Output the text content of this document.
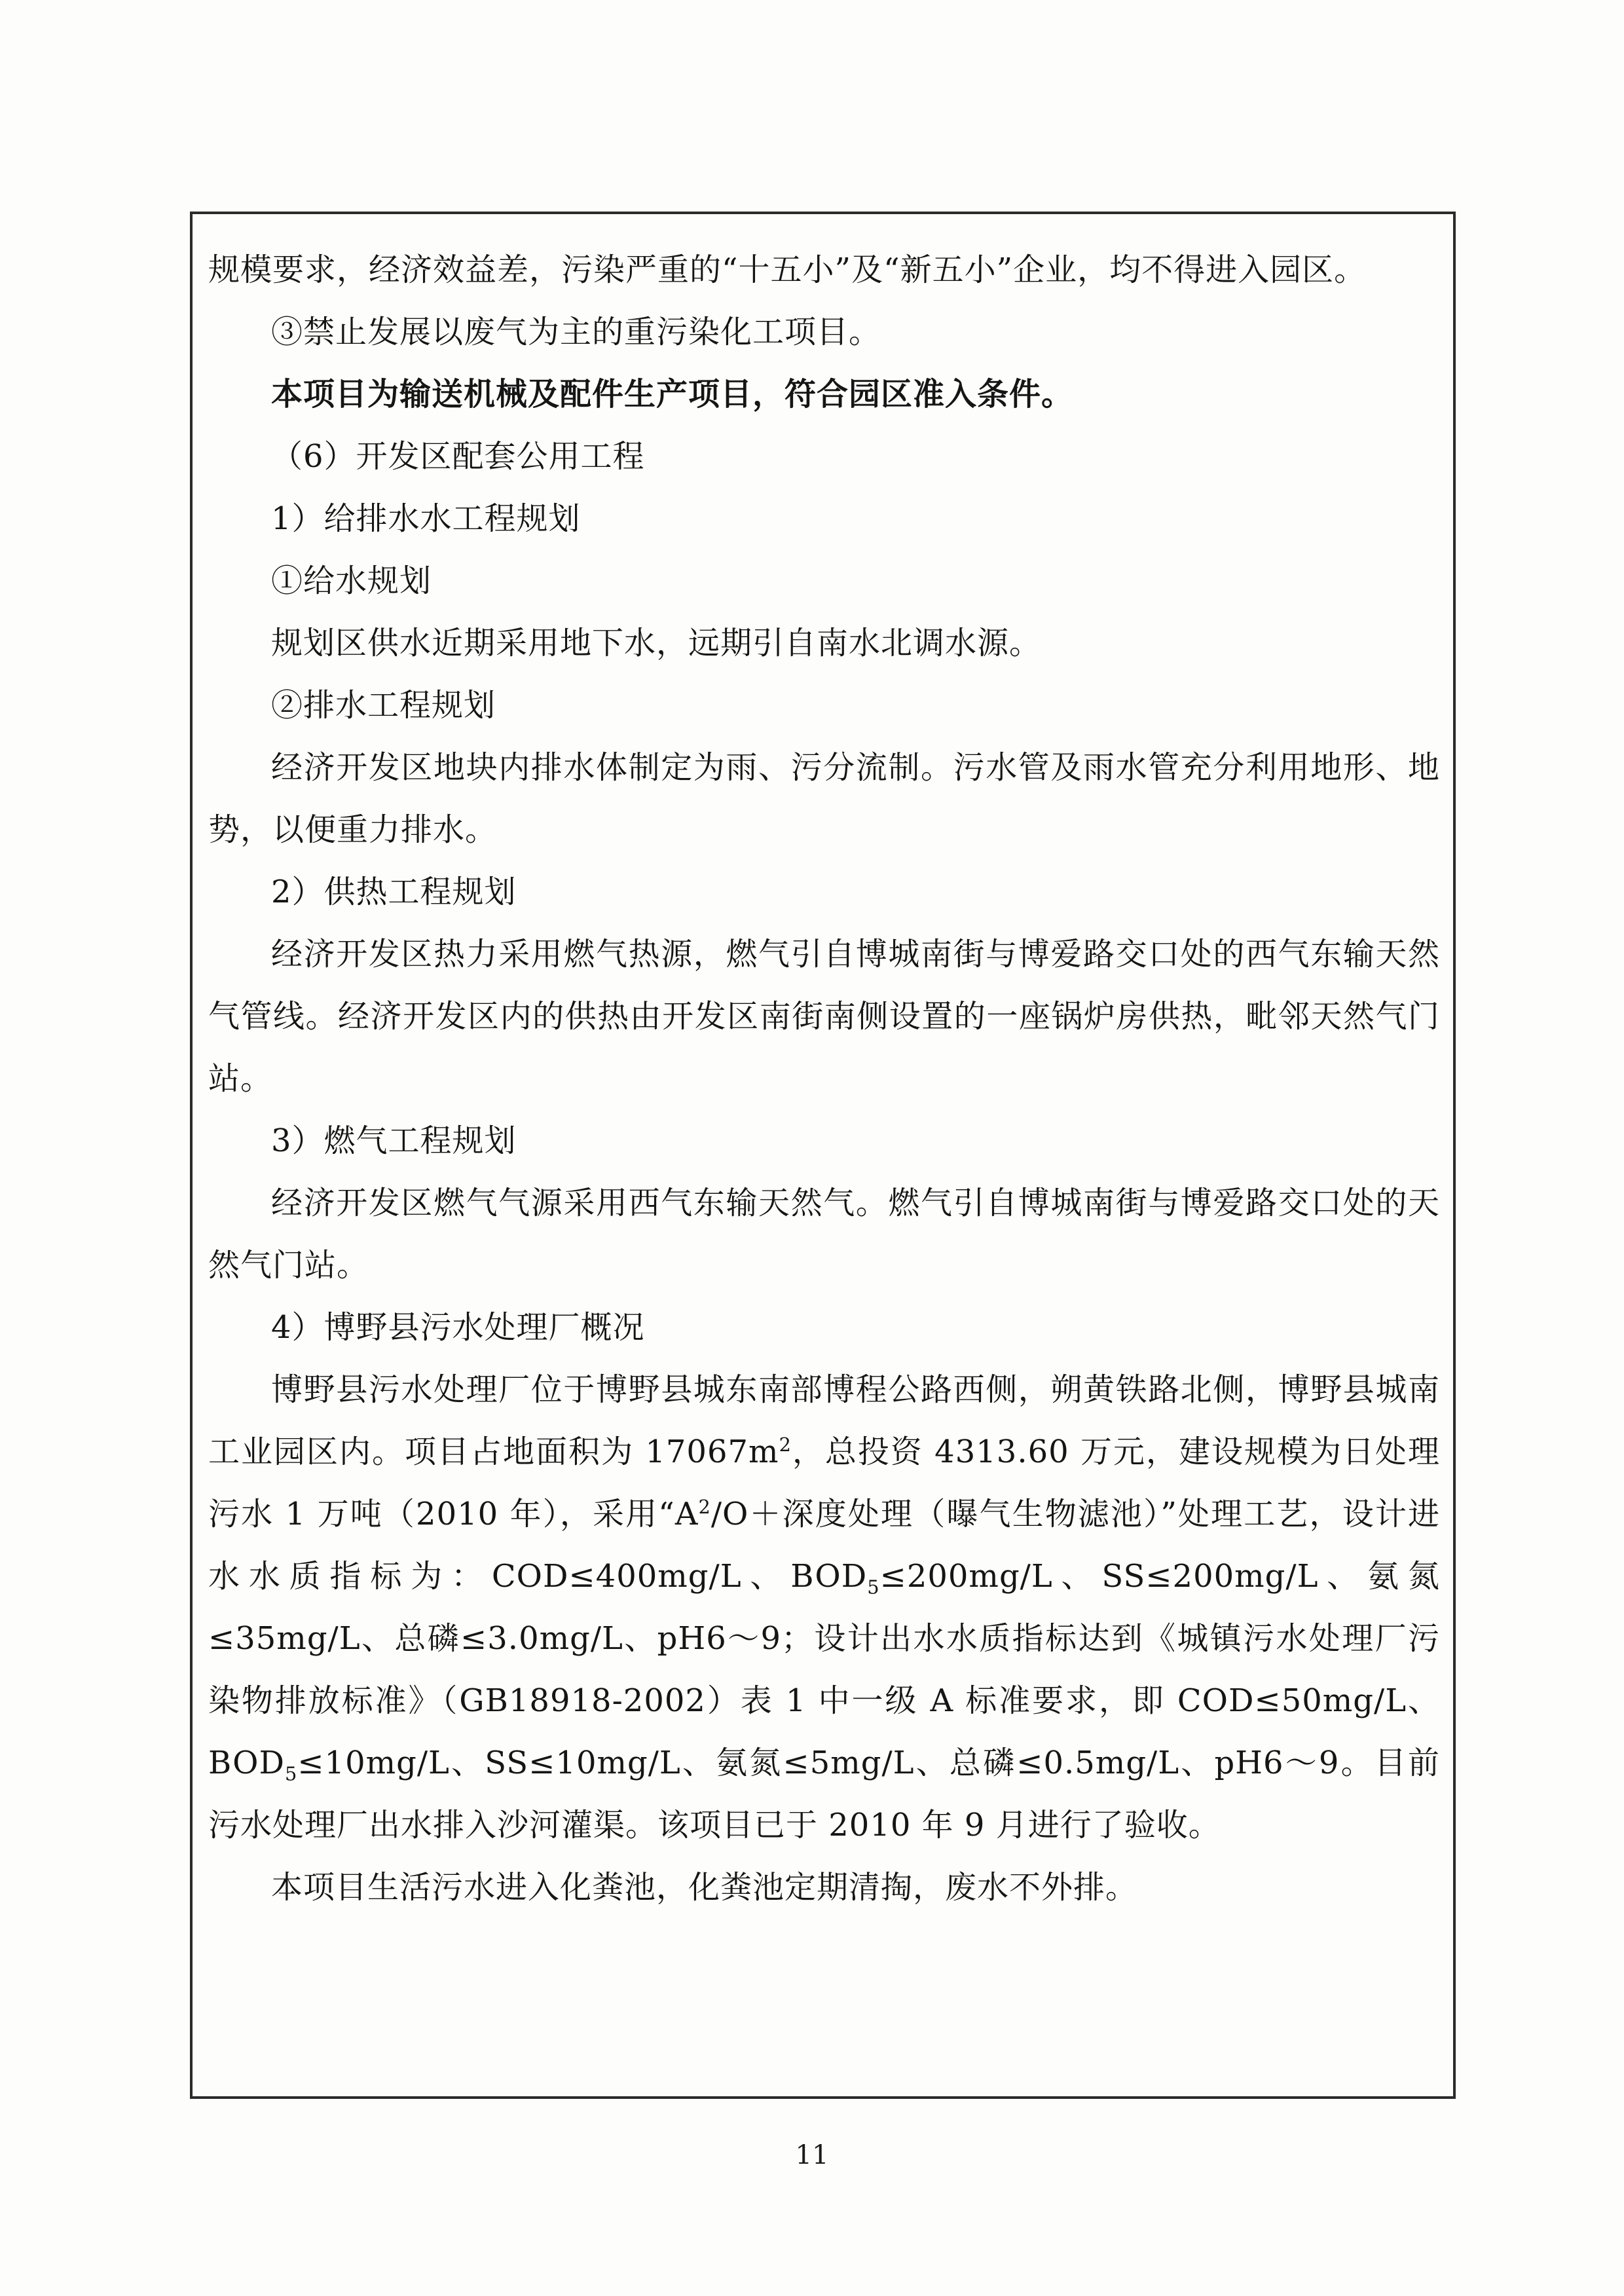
规模要求，经济效益差，污染严重的“十五小”及“新五小”企业，均不得进入园区。

③禁止发展以废气为主的重污染化工项目。

本项目为输送机械及配件生产项目，符合园区准入条件。

（6）开发区配套公用工程

1）给排水水工程规划

①给水规划

规划区供水近期采用地下水，远期引自南水北调水源。

②排水工程规划

经济开发区地块内排水体制定为雨、污分流制。污水管及雨水管充分利用地形、地势，以便重力排水。

2）供热工程规划

经济开发区热力采用燃气热源，燃气引自博城南街与博爱路交口处的西气东输天然气管线。经济开发区内的供热由开发区南街南侧设置的一座锅炉房供热，毗邻天然气门站。

3）燃气工程规划

经济开发区燃气气源采用西气东输天然气。燃气引自博城南街与博爱路交口处的天然气门站。

4）博野县污水处理厂概况

博野县污水处理厂位于博野县城东南部博程公路西侧，朔黄铁路北侧，博野县城南工业园区内。项目占地面积为 $17067m^2$，总投资 4313.60 万元，建设规模为日处理污水 1 万吨（2010 年），采用“$A^2/O+$深度处理（曝气生物滤池）”处理工艺，设计进水水质指标为：COD≤400mg/L、$BOD_5\le 200mg/L$、SS≤200mg/L、氨氮≤35mg/L、总磷≤3.0mg/L、pH6～9；设计出水水质指标达到《城镇污水处理厂污染物排放标准》（GB18918-2002）表 1 中一级 A 标准要求，即 COD≤50mg/L、$BOD_5\le 10mg/L$、SS≤10mg/L、氨氮≤5mg/L、总磷≤0.5mg/L、pH6～9。目前污水处理厂出水排入沙河灌渠。该项目已于 2010 年 9 月进行了验收。

本项目生活污水进入化粪池，化粪池定期清掏，废水不外排。

11
